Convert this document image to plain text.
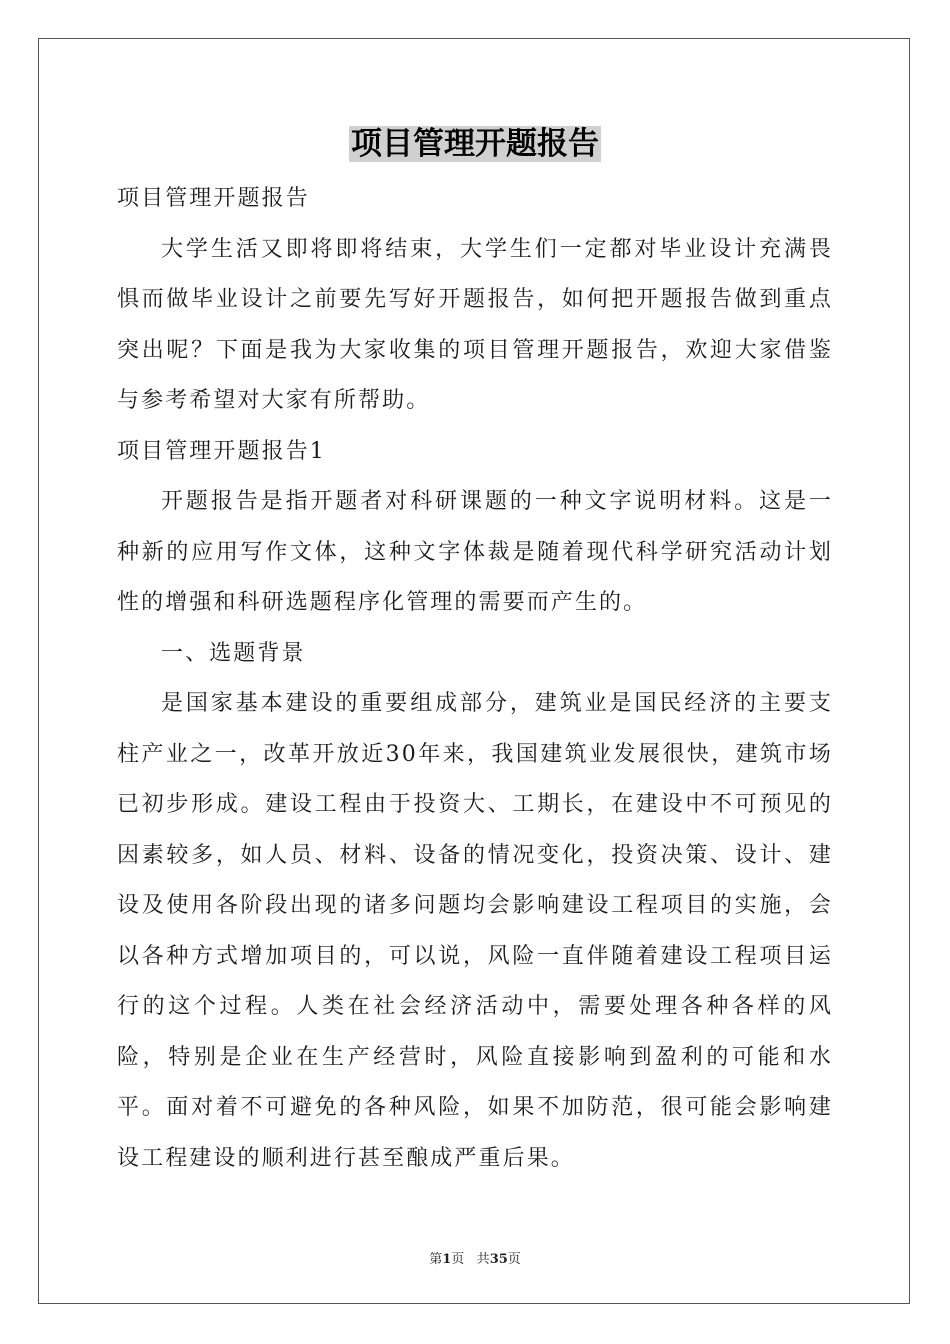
项目管理开题报告

项目管理开题报告

大学生活又即将即将结束，大学生们一定都对毕业设计充满畏惧而做毕业设计之前要先写好开题报告，如何把开题报告做到重点突出呢？下面是我为大家收集的项目管理开题报告，欢迎大家借鉴与参考希望对大家有所帮助。

项目管理开题报告1

开题报告是指开题者对科研课题的一种文字说明材料。这是一种新的应用写作文体，这种文字体裁是随着现代科学研究活动计划性的增强和科研选题程序化管理的需要而产生的。

一、选题背景

是国家基本建设的重要组成部分，建筑业是国民经济的主要支柱产业之一，改革开放近30年来，我国建筑业发展很快，建筑市场已初步形成。建设工程由于投资大、工期长，在建设中不可预见的因素较多，如人员、材料、设备的情况变化，投资决策、设计、建设及使用各阶段出现的诸多问题均会影响建设工程项目的实施，会以各种方式增加项目的，可以说，风险一直伴随着建设工程项目运行的这个过程。人类在社会经济活动中，需要处理各种各样的风险，特别是企业在生产经营时，风险直接影响到盈利的可能和水平。面对着不可避免的各种风险，如果不加防范，很可能会影响建设工程建设的顺利进行甚至酿成严重后果。

第1页 共35页
